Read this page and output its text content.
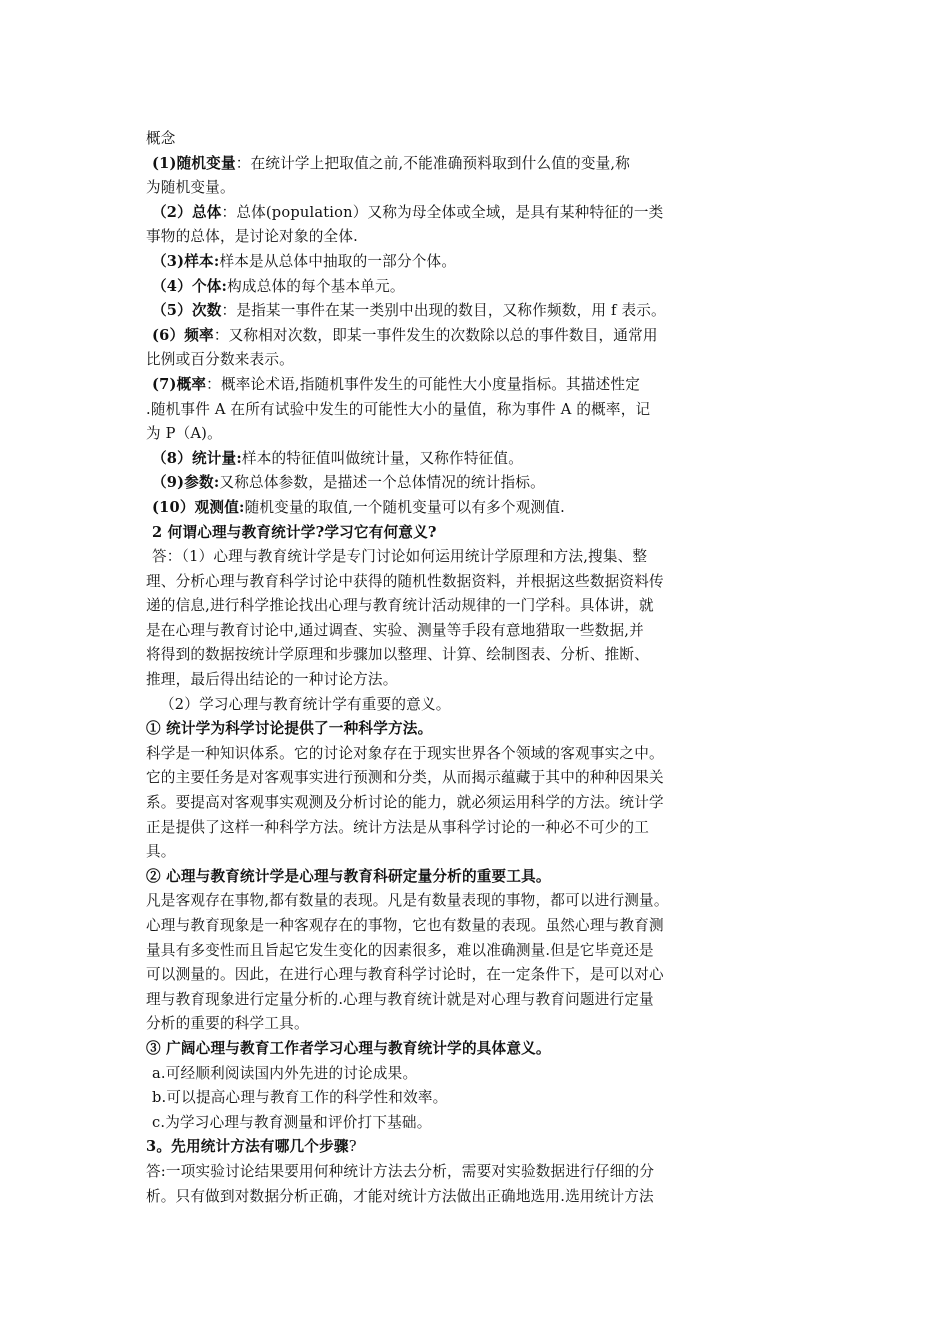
概念

(1)随机变量：在统计学上把取值之前,不能准确预料取到什么值的变量,称

为随机变量。

（2）总体：总体(population）又称为母全体或全域，是具有某种特征的一类

事物的总体，是讨论对象的全体.

（3)样本:样本是从总体中抽取的一部分个体。

（4）个体:构成总体的每个基本单元。

（5）次数：是指某一事件在某一类别中出现的数目，又称作频数，用 f 表示。

(6）频率：又称相对次数，即某一事件发生的次数除以总的事件数目，通常用

比例或百分数来表示。

(7)概率：概率论术语,指随机事件发生的可能性大小度量指标。其描述性定

.随机事件 A 在所有试验中发生的可能性大小的量值，称为事件 A 的概率，记

为 P（A)。

（8）统计量:样本的特征值叫做统计量，又称作特征值。

（9)参数:又称总体参数，是描述一个总体情况的统计指标。

(10）观测值:随机变量的取值,一个随机变量可以有多个观测值.

2 何谓心理与教育统计学?学习它有何意义?

答：（1）心理与教育统计学是专门讨论如何运用统计学原理和方法,搜集、整

理、分析心理与教育科学讨论中获得的随机性数据资料，并根据这些数据资料传

递的信息,进行科学推论找出心理与教育统计活动规律的一门学科。具体讲，就

是在心理与教育讨论中,通过调查、实验、测量等手段有意地猎取一些数据,并

将得到的数据按统计学原理和步骤加以整理、计算、绘制图表、分析、推断、

推理，最后得出结论的一种讨论方法。

（2）学习心理与教育统计学有重要的意义。

① 统计学为科学讨论提供了一种科学方法。

科学是一种知识体系。它的讨论对象存在于现实世界各个领域的客观事实之中。

它的主要任务是对客观事实进行预测和分类，从而揭示蕴藏于其中的种种因果关

系。要提高对客观事实观测及分析讨论的能力，就必须运用科学的方法。统计学

正是提供了这样一种科学方法。统计方法是从事科学讨论的一种必不可少的工

具。

② 心理与教育统计学是心理与教育科研定量分析的重要工具。

凡是客观存在事物,都有数量的表现。凡是有数量表现的事物，都可以进行测量。

心理与教育现象是一种客观存在的事物，它也有数量的表现。虽然心理与教育测

量具有多变性而且旨起它发生变化的因素很多，难以准确测量.但是它毕竟还是

可以测量的。因此，在进行心理与教育科学讨论时，在一定条件下，是可以对心

理与教育现象进行定量分析的.心理与教育统计就是对心理与教育问题进行定量

分析的重要的科学工具。

③ 广阔心理与教育工作者学习心理与教育统计学的具体意义。

a.可经顺利阅读国内外先进的讨论成果。

b.可以提高心理与教育工作的科学性和效率。

c.为学习心理与教育测量和评价打下基础。

3。先用统计方法有哪几个步骤?

答:一项实验讨论结果要用何种统计方法去分析，需要对实验数据进行仔细的分

析。只有做到对数据分析正确，才能对统计方法做出正确地选用.选用统计方法
